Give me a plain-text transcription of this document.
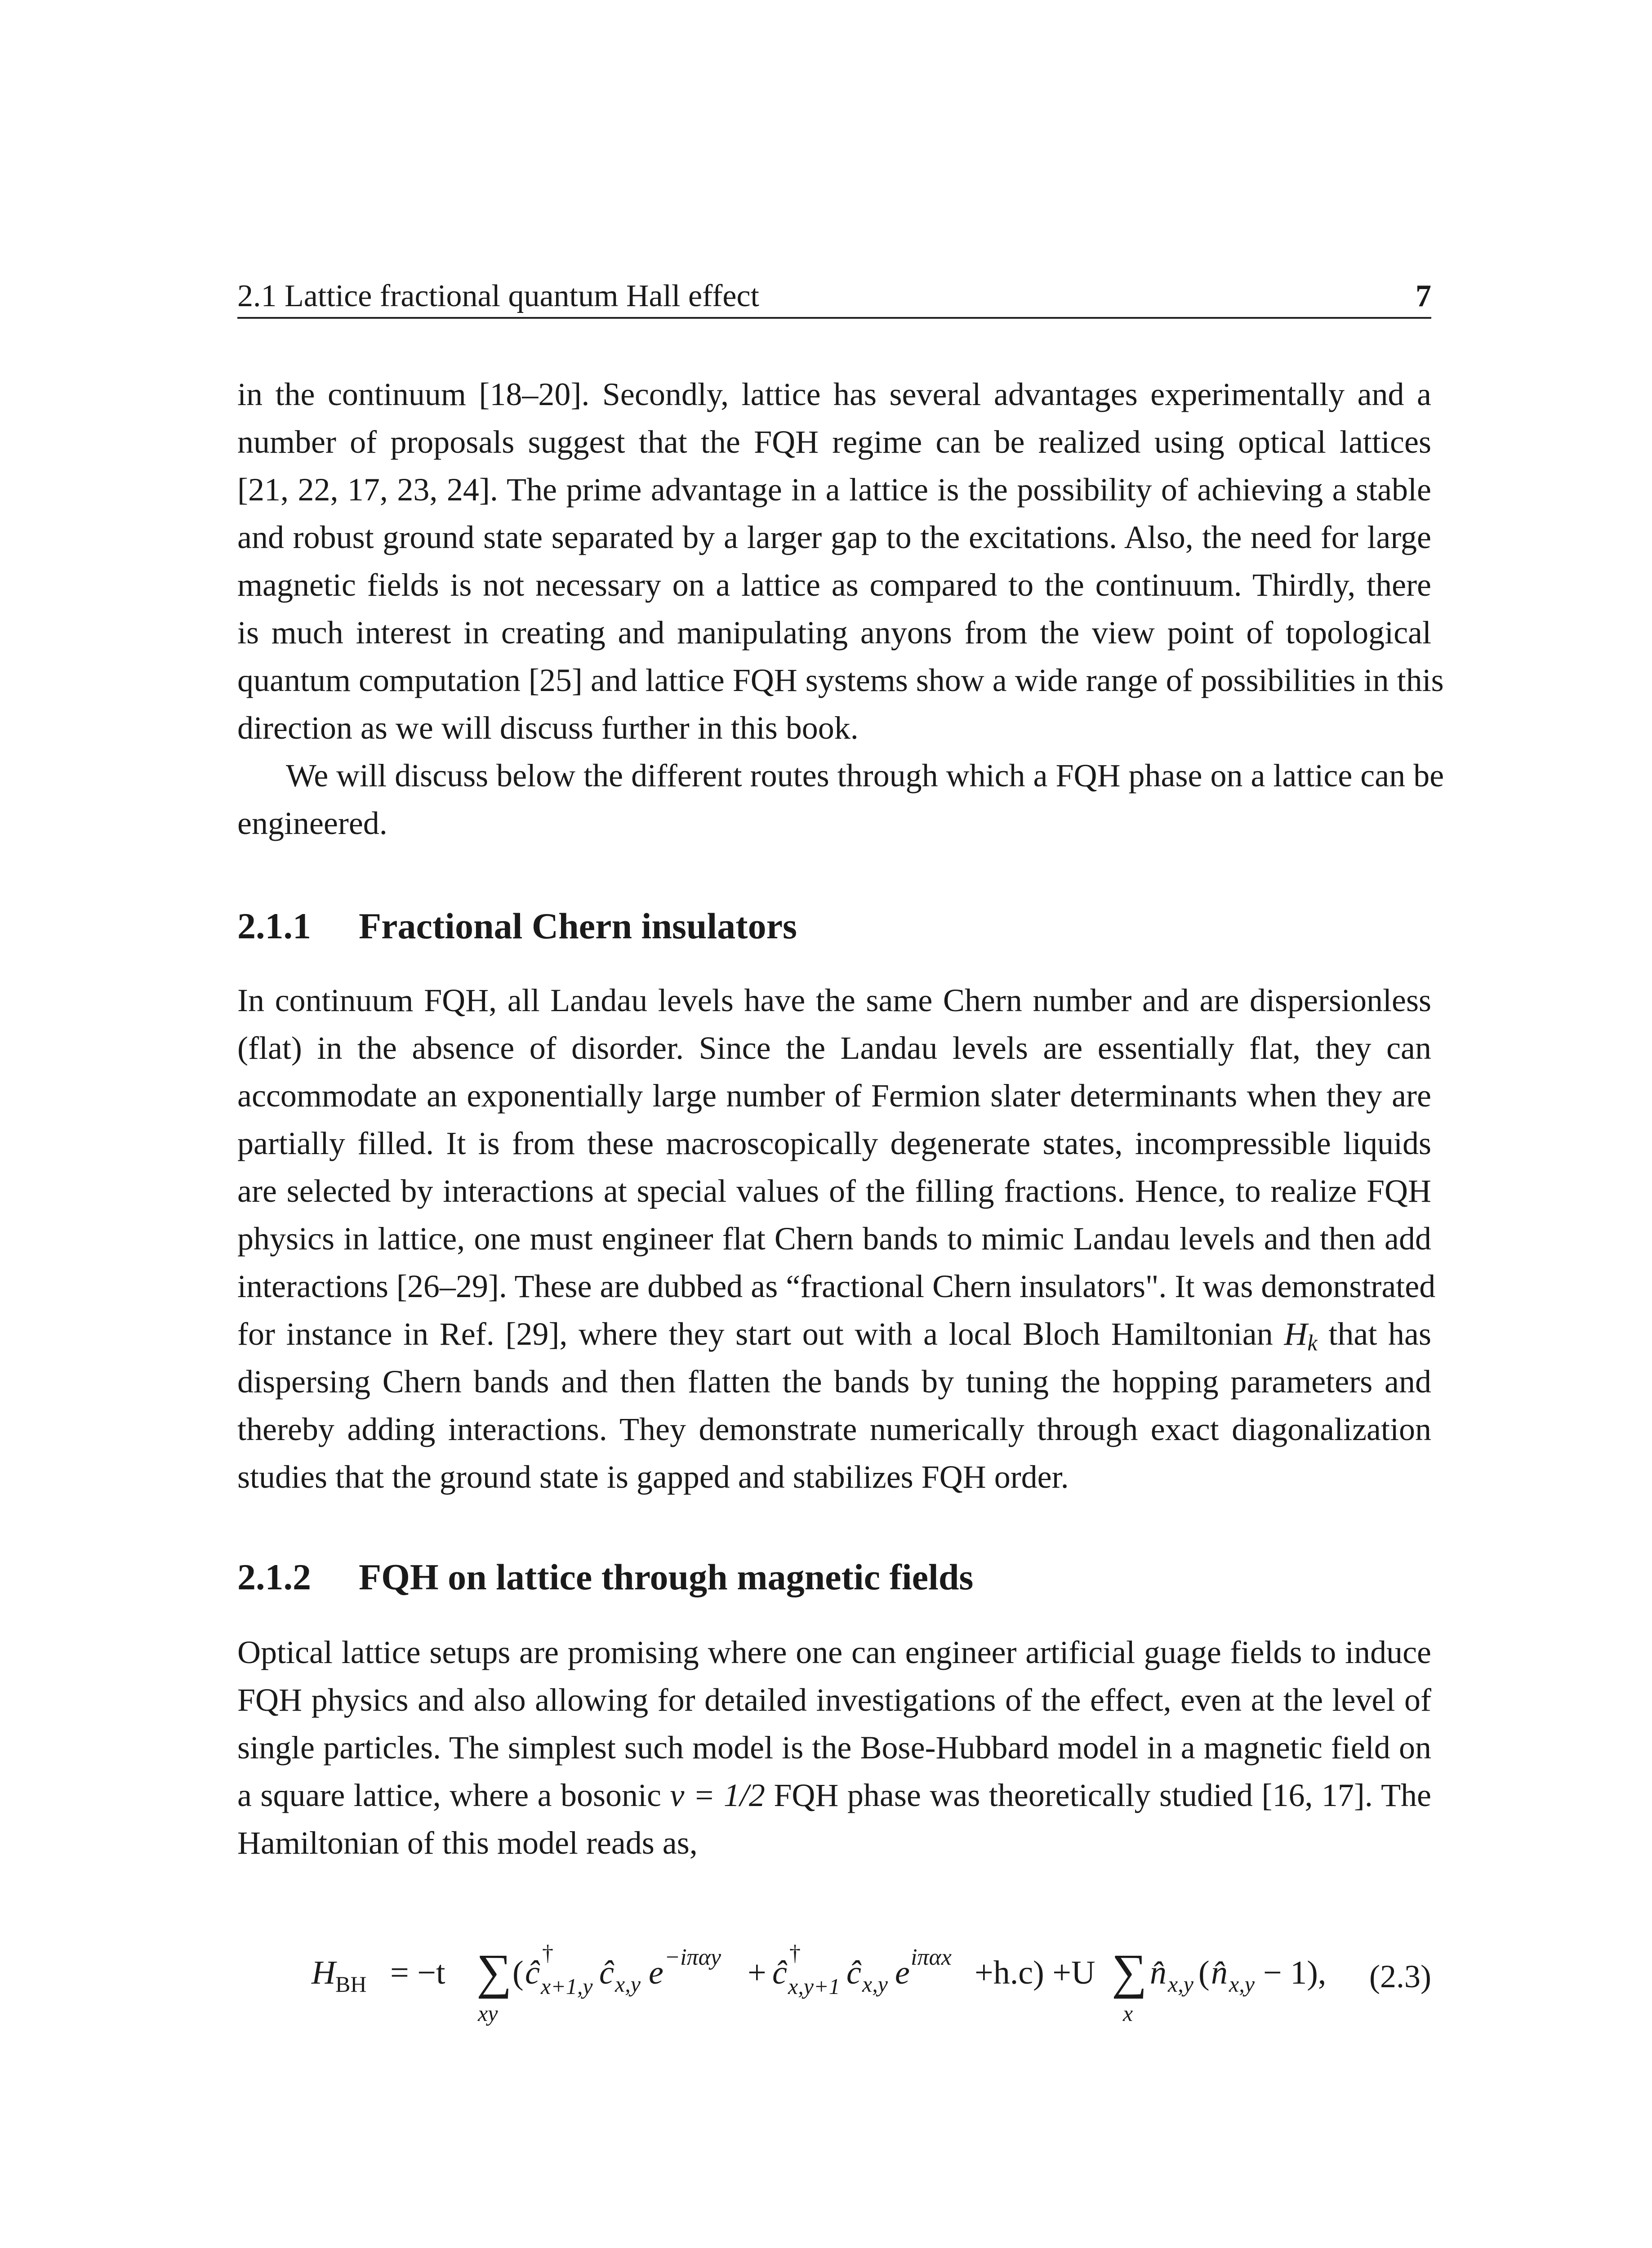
2.1 Lattice fractional quantum Hall effect	7
in the continuum [18–20]. Secondly, lattice has several advantages experimentally and a
number of proposals suggest that the FQH regime can be realized using optical lattices
[21, 22, 17, 23, 24]. The prime advantage in a lattice is the possibility of achieving a stable
and robust ground state separated by a larger gap to the excitations. Also, the need for large
magnetic fields is not necessary on a lattice as compared to the continuum. Thirdly, there
is much interest in creating and manipulating anyons from the view point of topological
quantum computation [25] and lattice FQH systems show a wide range of possibilities in this
direction as we will discuss further in this book.
We will discuss below the different routes through which a FQH phase on a lattice can be
engineered.
2.1.1 Fractional Chern insulators
In continuum FQH, all Landau levels have the same Chern number and are dispersionless
(flat) in the absence of disorder. Since the Landau levels are essentially flat, they can
accommodate an exponentially large number of Fermion slater determinants when they are
partially filled. It is from these macroscopically degenerate states, incompressible liquids
are selected by interactions at special values of the filling fractions. Hence, to realize FQH
physics in lattice, one must engineer flat Chern bands to mimic Landau levels and then add
interactions [26–29]. These are dubbed as “fractional Chern insulators". It was demonstrated
for instance in Ref. [29], where they start out with a local Bloch Hamiltonian $H_k$ that has
dispersing Chern bands and then flatten the bands by tuning the hopping parameters and
thereby adding interactions. They demonstrate numerically through exact diagonalization
studies that the ground state is gapped and stabilizes FQH order.
2.1.2 FQH on lattice through magnetic fields
Optical lattice setups are promising where one can engineer artificial guage fields to induce
FQH physics and also allowing for detailed investigations of the effect, even at the level of
single particles. The simplest such model is the Bose-Hubbard model in a magnetic field on
a square lattice, where a bosonic ν = 1/2 FQH phase was theoretically studied [16, 17]. The
Hamiltonian of this model reads as,
H BH = −t ∑
xy
( ĉ
†
x+1,y ĉ x,y e −iπαy + ĉ
†
x,y+1 ĉ x,y e iπαx +h.c) +U ∑
x
n̂ x,y ( n̂ x,y − 1), (2.3)
